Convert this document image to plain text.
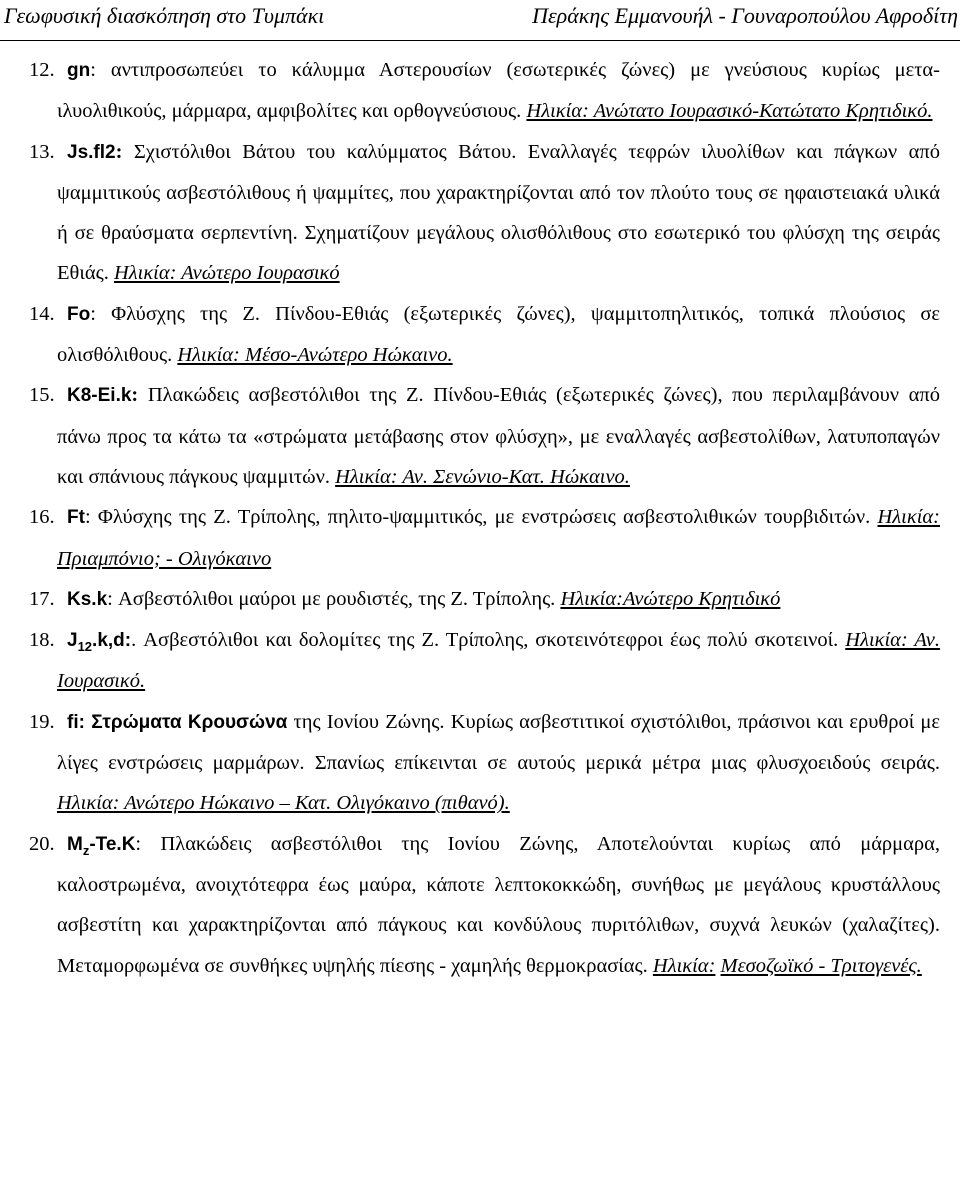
Γεωφυσική διασκόπηση στο Τυμπάκι	Περάκης Εμμανουήλ - Γουναροπούλου Αφροδίτη

12. gn: αντιπροσωπεύει το κάλυμμα Αστερουσίων (εσωτερικές ζώνες) με γνεύσιους κυρίως μετα-ιλυολιθικούς, μάρμαρα, αμφιβολίτες και ορθογνεύσιους. Ηλικία: Ανώτατο Ιουρασικό-Κατώτατο Κρητιδικό.

13. Js.fl2: Σχιστόλιθοι Βάτου του καλύμματος Βάτου. Εναλλαγές τεφρών ιλυολίθων και πάγκων από ψαμμιτικούς ασβεστόλιθους ή ψαμμίτες, που χαρακτηρίζονται από τον πλούτο τους σε ηφαιστειακά υλικά ή σε θραύσματα σερπεντίνη. Σχηματίζουν μεγάλους ολισθόλιθους στο εσωτερικό του φλύσχη της σειράς Εθιάς. Ηλικία: Ανώτερο Ιουρασικό

14. Fo: Φλύσχης της Ζ. Πίνδου-Εθιάς (εξωτερικές ζώνες), ψαμμιτοπηλιτικός, τοπικά πλούσιος σε ολισθόλιθους. Ηλικία: Μέσο-Ανώτερο Ηώκαινο.

15. K8-Ei.k: Πλακώδεις ασβεστόλιθοι της Ζ. Πίνδου-Εθιάς (εξωτερικές ζώνες), που περιλαμβάνουν από πάνω προς τα κάτω τα «στρώματα μετάβασης στον φλύσχη», με εναλλαγές ασβεστολίθων, λατυποπαγών και σπάνιους πάγκους ψαμμιτών. Ηλικία: Αν. Σενώνιο-Κατ. Ηώκαινο.

16. Ft: Φλύσχης της Ζ. Τρίπολης, πηλιτο-ψαμμιτικός, με ενστρώσεις ασβεστολιθικών τουρβιδιτών. Ηλικία: Πριαμπόνιο; - Ολιγόκαινο

17. Ks.k: Ασβεστόλιθοι μαύροι με ρουδιστές, της Ζ. Τρίπολης. Ηλικία:Ανώτερο Κρητιδικό

18. $J_{12}.k,d$:. Ασβεστόλιθοι και δολομίτες της Ζ. Τρίπολης, σκοτεινότεφροι έως πολύ σκοτεινοί. Ηλικία: Αν. Ιουρασικό.

19. fi: Στρώματα Κρουσώνα της Ιονίου Ζώνης. Κυρίως ασβεστιτικοί σχιστόλιθοι, πράσινοι και ερυθροί με λίγες ενστρώσεις μαρμάρων. Σπανίως επίκεινται σε αυτούς μερικά μέτρα μιας φλυσχοειδούς σειράς. Ηλικία: Ανώτερο Ηώκαινο – Κατ. Ολιγόκαινο (πιθανό).

20. $M_z-Te.K$: Πλακώδεις ασβεστόλιθοι της Ιονίου Ζώνης, Αποτελούνται κυρίως από μάρμαρα, καλοστρωμένα, ανοιχτότεφρα έως μαύρα, κάποτε λεπτοκοκκώδη, συνήθως με μεγάλους κρυστάλλους ασβεστίτη και χαρακτηρίζονται από πάγκους και κονδύλους πυριτόλιθων, συχνά λευκών (χαλαζίτες). Μεταμορφωμένα σε συνθήκες υψηλής πίεσης - χαμηλής θερμοκρασίας. Ηλικία: Μεσοζωϊκό - Τριτογενές.
